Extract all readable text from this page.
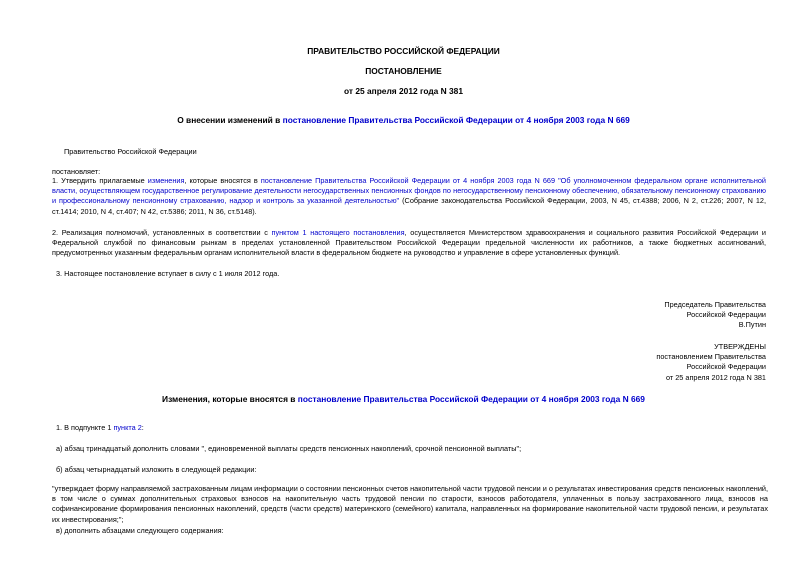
ПРАВИТЕЛЬСТВО РОССИЙСКОЙ ФЕДЕРАЦИИ
ПОСТАНОВЛЕНИЕ
от 25 апреля 2012 года N 381
О внесении изменений в постановление Правительства Российской Федерации от 4 ноября 2003 года N 669
Правительство Российской Федерации
постановляет:
1. Утвердить прилагаемые изменения, которые вносятся в постановление Правительства Российской Федерации от 4 ноября 2003 года N 669 "Об уполномоченном федеральном органе исполнительной власти, осуществляющем государственное регулирование деятельности негосударственных пенсионных фондов по негосударственному пенсионному обеспечению, обязательному пенсионному страхованию и профессиональному пенсионному страхованию, надзор и контроль за указанной деятельностью" (Собрание законодательства Российской Федерации, 2003, N 45, ст.4388; 2006, N 2, ст.226; 2007, N 12, ст.1414; 2010, N 4, ст.407; N 42, ст.5386; 2011, N 36, ст.5148).
2. Реализация полномочий, установленных в соответствии с пунктом 1 настоящего постановления, осуществляется Министерством здравоохранения и социального развития Российской Федерации и Федеральной службой по финансовым рынкам в пределах установленной Правительством Российской Федерации предельной численности их работников, а также бюджетных ассигнований, предусмотренных указанным федеральным органам исполнительной власти в федеральном бюджете на руководство и управление в сфере установленных функций.
3. Настоящее постановление вступает в силу с 1 июля 2012 года.

Председатель Правительства

Российской Федерации

В.Путин

УТВЕРЖДЕНЫ

постановлением Правительства

Российской Федерации

от 25 апреля 2012 года N 381

Изменения, которые вносятся в постановление Правительства Российской Федерации от 4 ноября 2003 года N 669
1. В подпункте 1 пункта 2:
а) абзац тринадцатый дополнить словами ", единовременной выплаты средств пенсионных накоплений, срочной пенсионной выплаты";
б) абзац четырнадцатый изложить в следующей редакции:
"утверждает форму направляемой застрахованным лицам информации о состоянии пенсионных счетов накопительной части трудовой пенсии и о результатах инвестирования средств пенсионных накоплений, в том числе о суммах дополнительных страховых взносов на накопительную часть трудовой пенсии по старости, взносов работодателя, уплаченных в пользу застрахованного лица, взносов на софинансирование формирования пенсионных накоплений, средств (части средств) материнского (семейного) капитала, направленных на формирование накопительной части трудовой пенсии, и результатах их инвестирования;";
в) дополнить абзацами следующего содержания:
